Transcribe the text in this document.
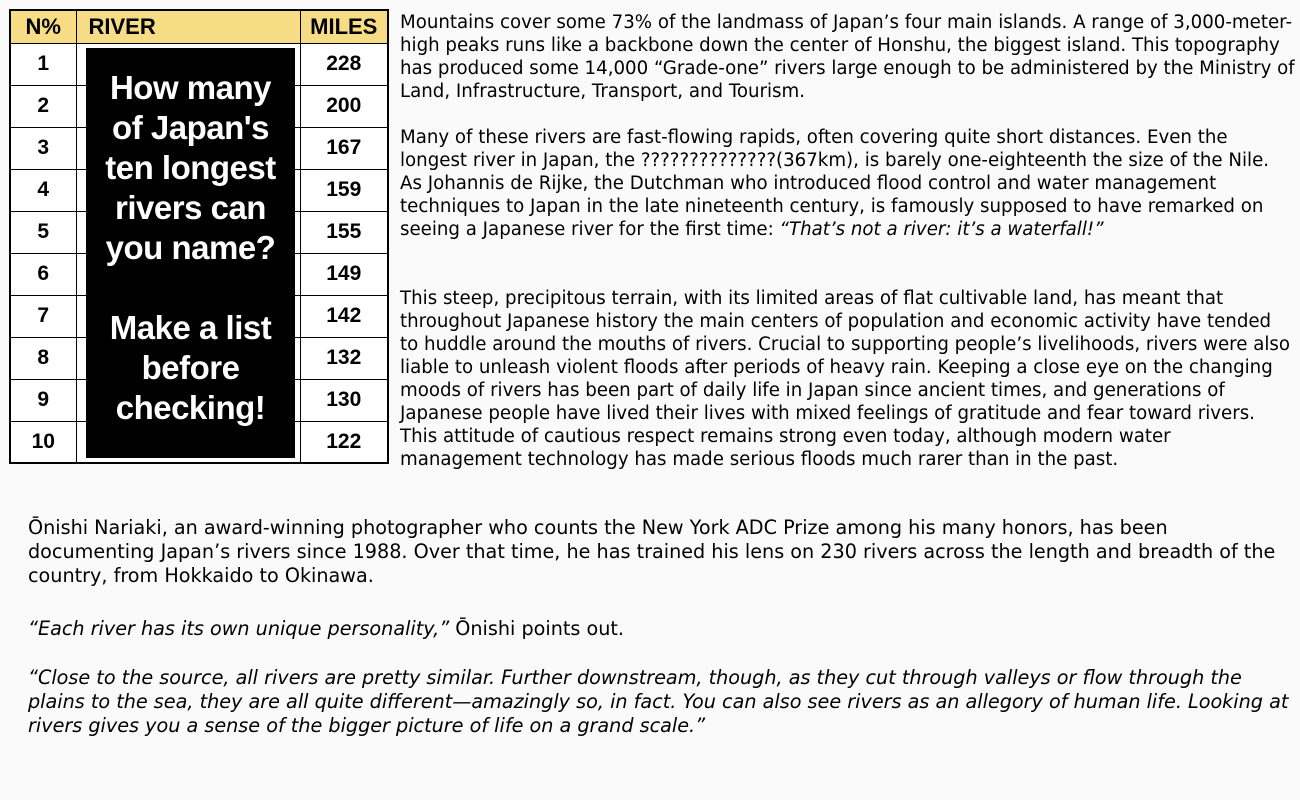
N%	RIVER	MILES
1		228
2		200
3		167
4		159
5		155
6		149
7		142
8		132
9		130
10		122
How many
of Japan's
ten longest
rivers can
you name?
Make a list
before
checking!

Mountains cover some 73% of the landmass of Japan’s four main islands. A range of 3,000-meter-high peaks runs like a backbone down the center of Honshu, the biggest island. This topography has produced some 14,000 “Grade-one” rivers large enough to be administered by the Ministry of Land, Infrastructure, Transport, and Tourism.

Many of these rivers are fast-flowing rapids, often covering quite short distances. Even the longest river in Japan, the ??????????????(367km), is barely one-eighteenth the size of the Nile. As Johannis de Rijke, the Dutchman who introduced flood control and water management techniques to Japan in the late nineteenth century, is famously supposed to have remarked on seeing a Japanese river for the first time: “That’s not a river: it’s a waterfall!”

This steep, precipitous terrain, with its limited areas of flat cultivable land, has meant that throughout Japanese history the main centers of population and economic activity have tended to huddle around the mouths of rivers. Crucial to supporting people’s livelihoods, rivers were also liable to unleash violent floods after periods of heavy rain. Keeping a close eye on the changing moods of rivers has been part of daily life in Japan since ancient times, and generations of Japanese people have lived their lives with mixed feelings of gratitude and fear toward rivers. This attitude of cautious respect remains strong even today, although modern water management technology has made serious floods much rarer than in the past.

Ōnishi Nariaki, an award-winning photographer who counts the New York ADC Prize among his many honors, has been documenting Japan’s rivers since 1988. Over that time, he has trained his lens on 230 rivers across the length and breadth of the country, from Hokkaido to Okinawa.

“Each river has its own unique personality,” Ōnishi points out.

“Close to the source, all rivers are pretty similar. Further downstream, though, as they cut through valleys or flow through the plains to the sea, they are all quite different—amazingly so, in fact. You can also see rivers as an allegory of human life. Looking at rivers gives you a sense of the bigger picture of life on a grand scale.”
